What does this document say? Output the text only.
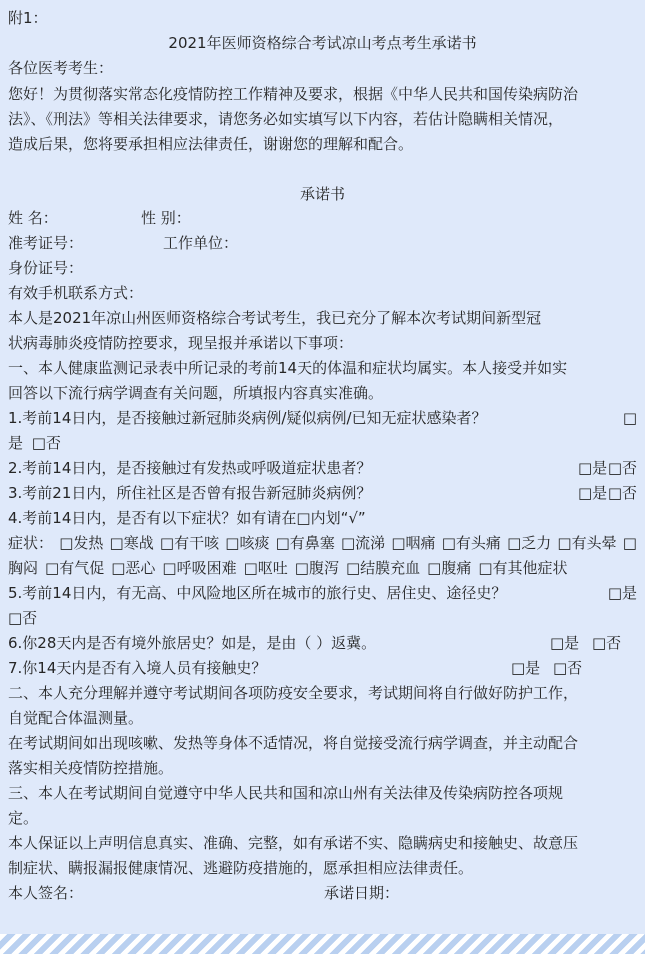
附1：
2021年医师资格综合考试凉山考点考生承诺书
各位医考考生：
您好！为贯彻落实常态化疫情防控工作精神及要求，根据《中华人民共和国传染病防治
法》、《刑法》等相关法律要求，请您务必如实填写以下内容，若估计隐瞒相关情况，
造成后果，您将要承担相应法律责任，谢谢您的理解和配合。
承诺书
姓 名：	性 别：
准考证号：	工作单位：
身份证号：
有效手机联系方式：
本人是2021年凉山州医师资格综合考试考生，我已充分了解本次考试期间新型冠
状病毒肺炎疫情防控要求，现呈报并承诺以下事项：
一、本人健康监测记录表中所记录的考前14天的体温和症状均属实。本人接受并如实
回答以下流行病学调查有关问题，所填报内容真实准确。
1.考前14日内，是否接触过新冠肺炎病例/疑似病例/已知无症状感染者？	□
是 □否
2.考前14日内，是否接触过有发热或呼吸道症状患者？	□是 □否
3.考前21日内，所住社区是否曾有报告新冠肺炎病例？	□是 □否
4.考前14日内，是否有以下症状？如有请在□内划“√”
症状： □发热 □寒战 □有干咳 □咳痰 □有鼻塞 □流涕 □咽痛 □有头痛 □乏力 □有头晕 □
胸闷 □有气促 □恶心 □呼吸困难 □呕吐 □腹泻 □结膜充血 □腹痛 □有其他症状
5.考前14日内，有无高、中风险地区所在城市的旅行史、居住史、途径史？	□是
□否
6.你28天内是否有境外旅居史？如是，是由（ ）返冀。	□是 □否
7.你14天内是否有入境人员有接触史？	□是 □否
二、本人充分理解并遵守考试期间各项防疫安全要求，考试期间将自行做好防护工作，
自觉配合体温测量。
在考试期间如出现咳嗽、发热等身体不适情况，将自觉接受流行病学调查，并主动配合
落实相关疫情防控措施。
三、本人在考试期间自觉遵守中华人民共和国和凉山州有关法律及传染病防控各项规
定。
本人保证以上声明信息真实、准确、完整，如有承诺不实、隐瞒病史和接触史、故意压
制症状、瞒报漏报健康情况、逃避防疫措施的，愿承担相应法律责任。
本人签名：	承诺日期：
